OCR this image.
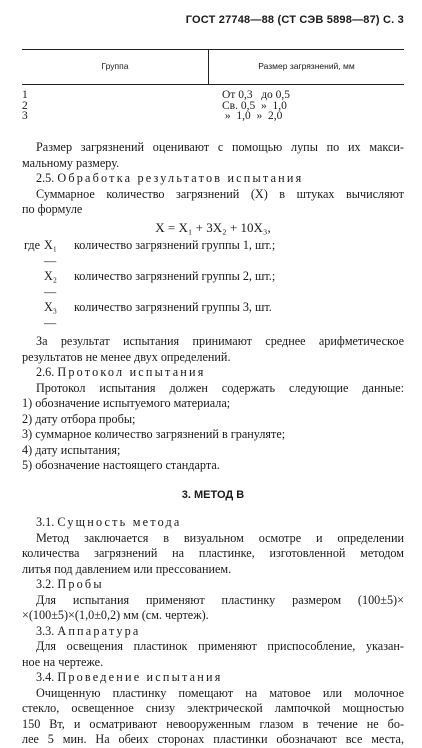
ГОСТ 27748—88 (СТ СЭВ 5898—87) С. 3
Группа	Размер загрязнений, мм
1
2
3
От 0,3   до 0,5
Св. 0,5  »  1,0
»  1,0  »  2,0
Размер загрязнений оценивают с помощью лупы по их макси-
мальному размеру.
2.5. Обработка результатов испытания
Суммарное количество загрязнений (X) в штуках вычисляют
по формуле
X = X₁ + 3X₂ + 10X₃,
где X₁ —
количество загрязнений группы 1, шт.;
X₂ —
количество загрязнений группы 2, шт.;
X₃ —
количество загрязнений группы 3, шт.
За результат испытания принимают среднее арифметическое
результатов не менее двух определений.
2.6. Протокол испытания
Протокол испытания должен содержать следующие данные:
1) обозначение испытуемого материала;
2) дату отбора пробы;
3) суммарное количество загрязнений в грануляте;
4) дату испытания;
5) обозначение настоящего стандарта.
3. МЕТОД В
3.1. Сущность метода
Метод заключается в визуальном осмотре и определении
количества загрязнений на пластинке, изготовленной методом
литья под давлением или прессованием.
3.2. Пробы
Для испытания применяют пластинку размером (100±5)×
×(100±5)×(1,0±0,2) мм (см. чертеж).
3.3. Аппаратура
Для освещения пластинок применяют приспособление, указан-
ное на чертеже.
3.4. Проведение испытания
Очищенную пластинку помещают на матовое или молочное
стекло, освещенное снизу электрической лампочкой мощностью
150 Вт, и осматривают невооруженным глазом в течение не бо-
лее 5 мин. На обеих сторонах пластинки обозначают все места,
